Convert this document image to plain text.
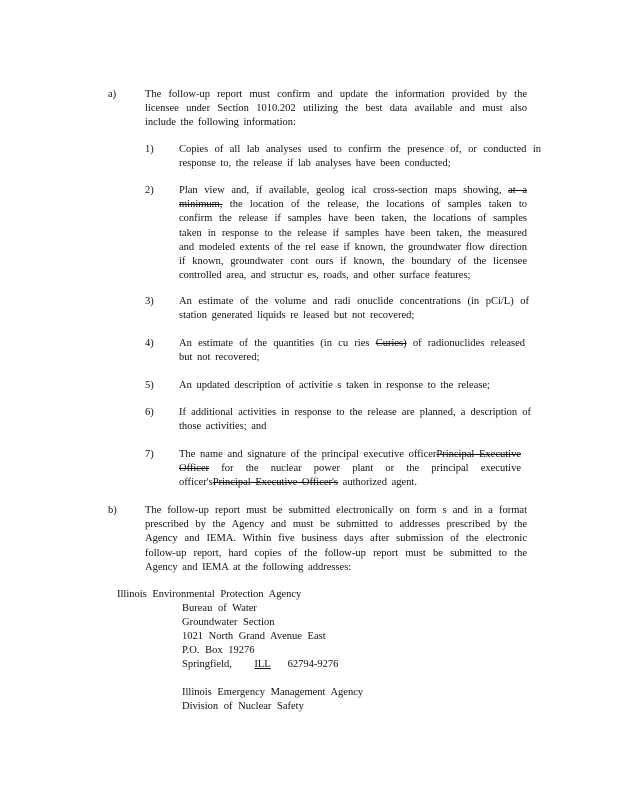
a)	The follow-up report must confirm and update the information provided by the licensee under Section 1010.202 utilizing the best data available and must also include the following information:
1) Copies of all lab analyses used to confirm the presence of, or conducted in response to, the release if lab analyses have been conducted;
2) Plan view and, if available, geolog ical cross-section maps showing, at a minimum, the location of the release, the locations of samples taken to confirm the release if samples have been taken, the locations of samples taken in response to the release if samples have been taken, the measured and modeled extents of the rel ease if known, the groundwater flow direction if known, groundwater cont ours if known, the boundary of the licensee controlled area, and structur es, roads, and other surface features;
3) An estimate of the volume and radi onuclide concentrations (in pCi/L) of station generated liquids re leased but not recovered;
4) An estimate of the quantities (in cu ries Curies) of radionuclides released but not recovered;
5) An updated description of activitie s taken in response to the release;
6) If additional activities in response to the release are planned, a description of those activities; and
7) The name and signature of the principal executive officerPrincipal Executive Officer for the nuclear power plant or the principal executive officer'sPrincipal Executive Officer's authorized agent.
b)	The follow-up report must be submitted electronically on form s and in a format prescribed by the Agency and must be submitted to addresses prescribed by the Agency and IEMA. Within five business days after submission of the electronic follow-up report, hard copies of the follow-up report must be submitted to the Agency and IEMA at the following addresses:
Illinois Environmental Protection Agency
Bureau of Water
Groundwater Section
1021 North Grand Avenue East
P.O. Box 19276
Springfield, ILL 62794-9276
Illinois Emergency Management Agency
Division of Nuclear Safety
